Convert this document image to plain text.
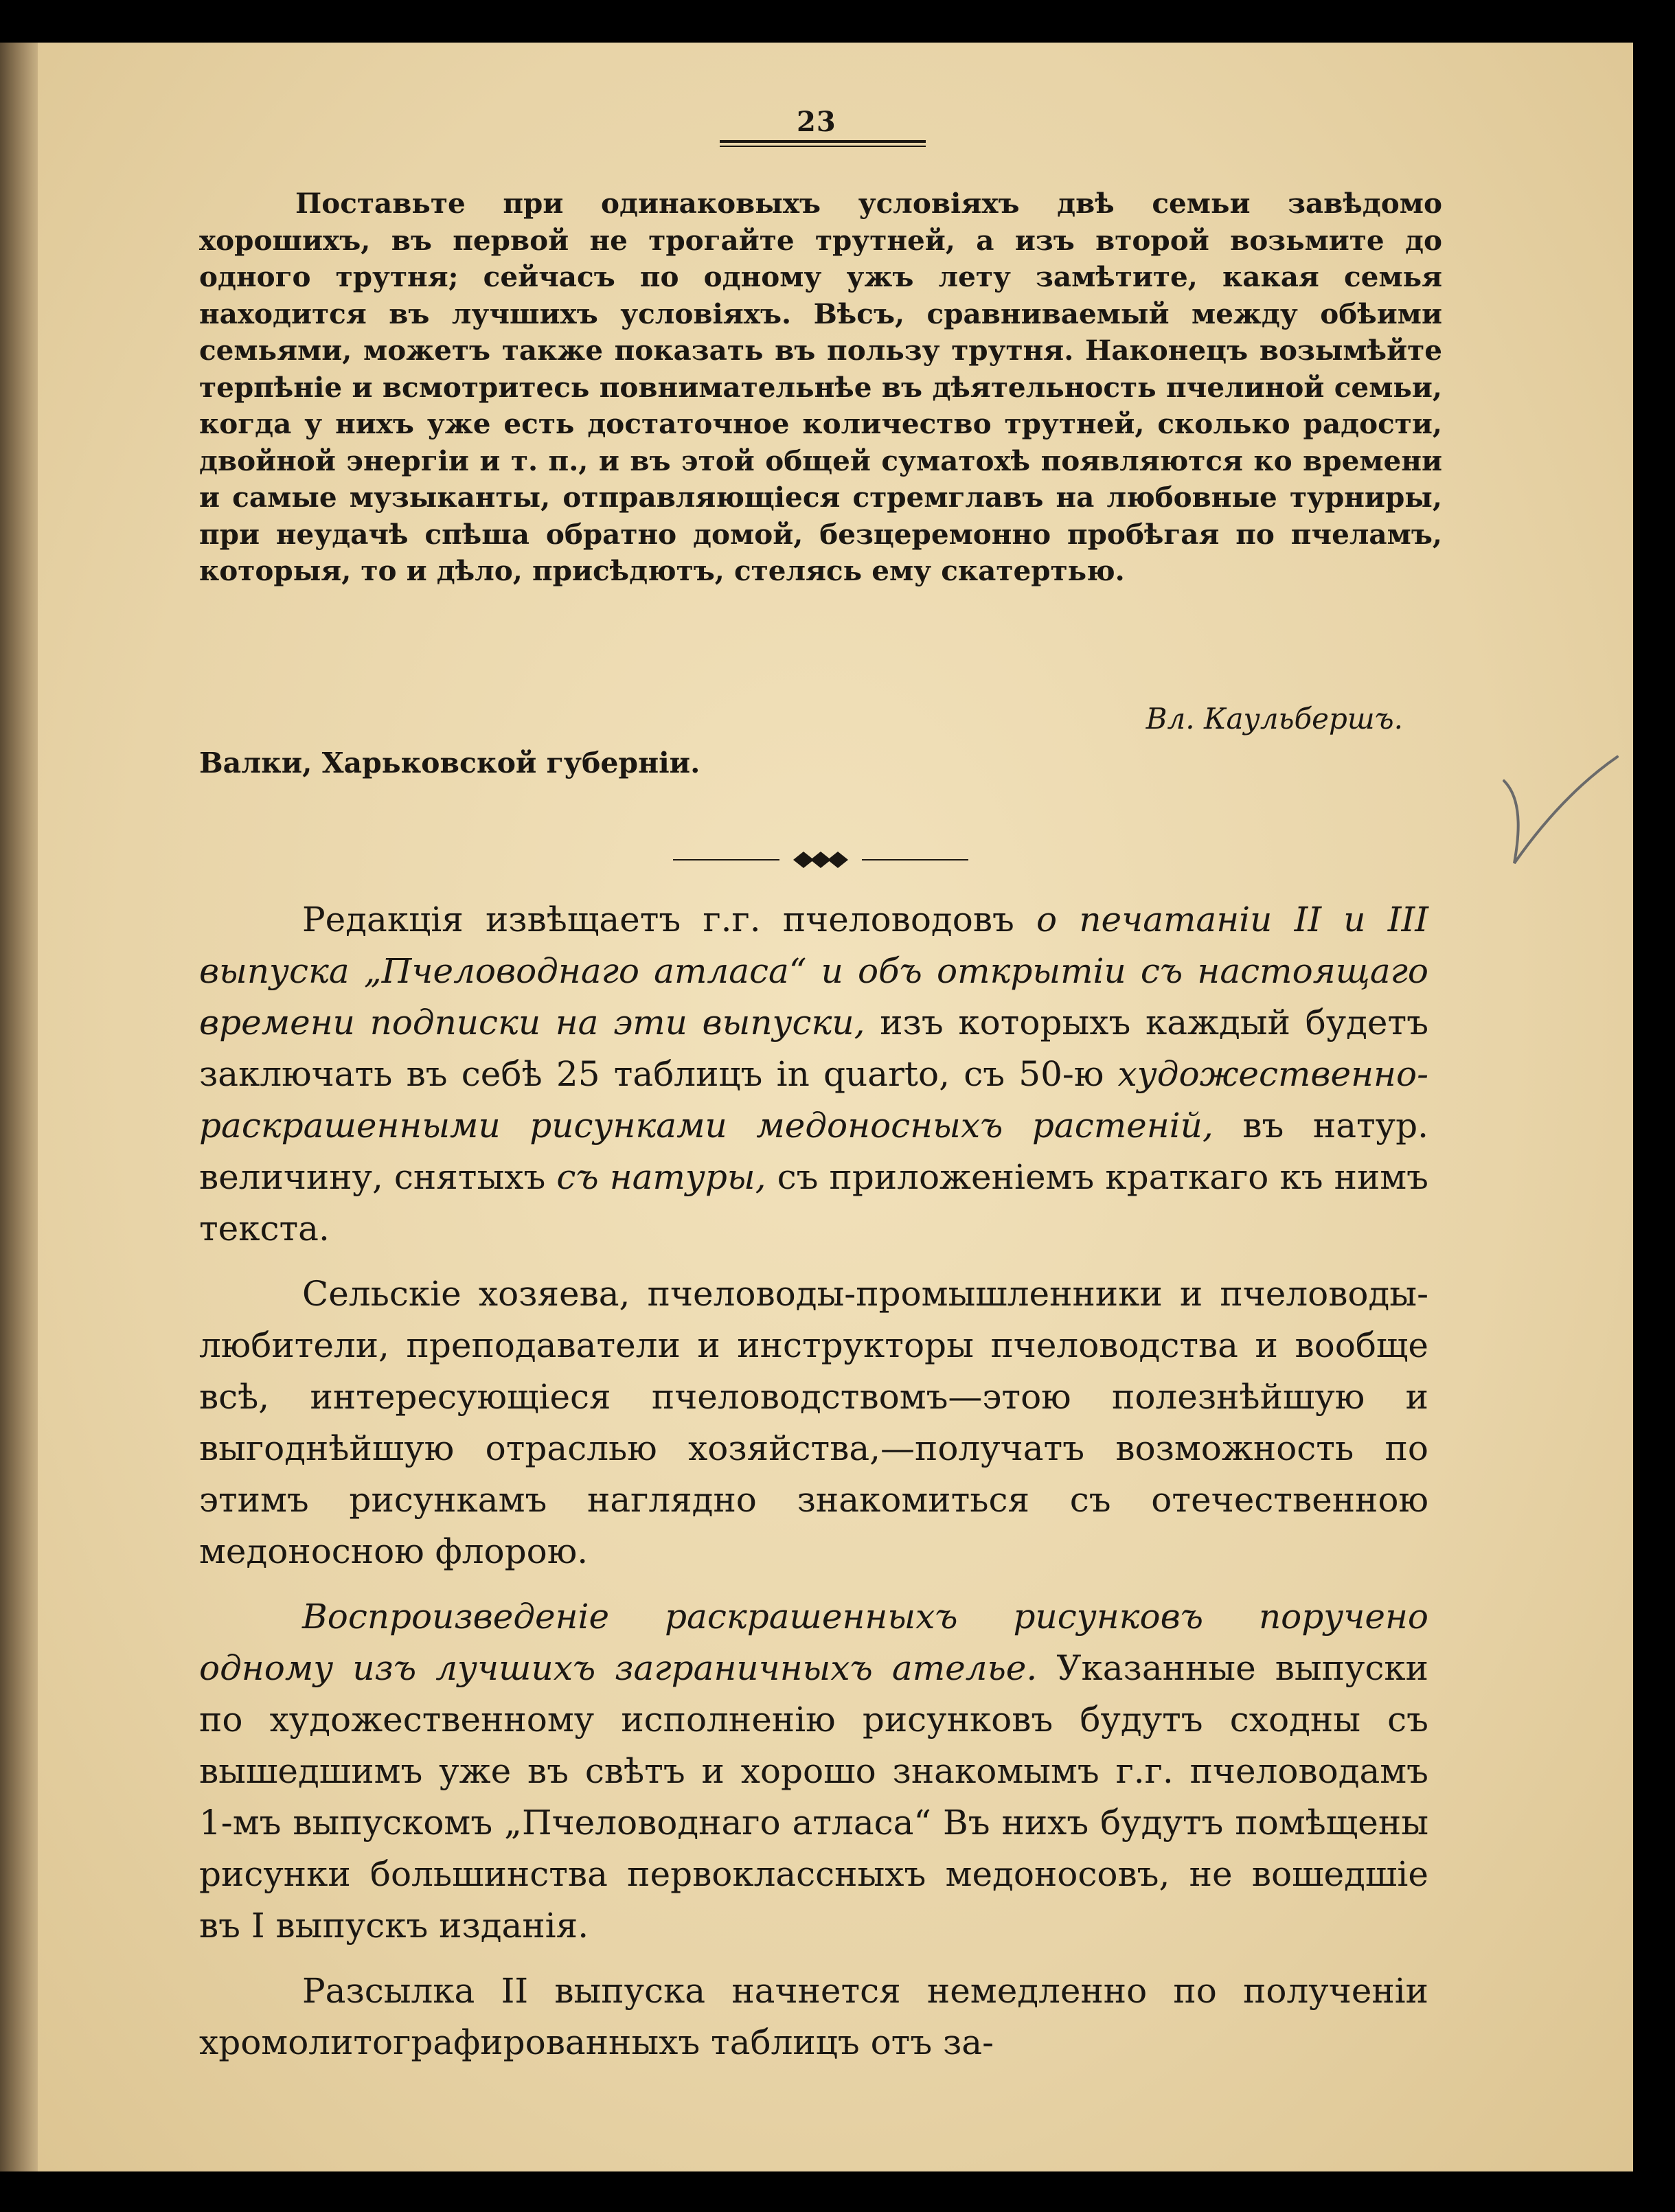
23

Поставьте при одинаковыхъ условіяхъ двѣ семьи завѣдомо хорошихъ, въ первой не трогайте трутней, а изъ второй возьмите до одного трутня; сейчасъ по одному ужъ лету замѣтите, какая семья находится въ лучшихъ условіяхъ. Вѣсъ, сравниваемый между обѣими семьями, можетъ также показать въ пользу трутня. Наконецъ возымѣйте терпѣніе и всмотритесь повнимательнѣе въ дѣятельность пчелиной семьи, когда у нихъ уже есть достаточное количество трутней, сколько радости, двойной энергіи и т. п., и въ этой общей суматохѣ появляются ко времени и самые музыканты, отправляющіеся стремглавъ на любовные турниры, при неудачѣ спѣша обратно домой, безцеремонно пробѣгая по пчеламъ, которыя, то и дѣло, присѣдютъ, стелясь ему скатертью.

Вл. Каульбершъ.
Валки, Харьковской губерніи.

Редакція извѣщаетъ г.г. пчеловодовъ о печатаніи II и III выпуска „Пчеловоднаго атласа“ и объ открытіи съ настоящаго времени подписки на эти выпуски, изъ которыхъ каждый будетъ заключать въ себѣ 25 таблицъ in quarto, съ 50-ю художественно-раскрашенными рисунками медоносныхъ растеній, въ натур. величину, снятыхъ съ натуры, съ приложеніемъ краткаго къ нимъ текста.

Сельскіе хозяева, пчеловоды-промышленники и пчеловоды-любители, преподаватели и инструкторы пчеловодства и вообще всѣ, интересующіеся пчеловодствомъ—этою полезнѣйшую и выгоднѣйшую отраслью хозяйства,—получатъ возможность по этимъ рисункамъ наглядно знакомиться съ отечественною медоносною флорою.

Воспроизведеніе раскрашенныхъ рисунковъ поручено одному изъ лучшихъ заграничныхъ ателье. Указанные выпуски по художественному исполненію рисунковъ будутъ сходны съ вышедшимъ уже въ свѣтъ и хорошо знакомымъ г.г. пчеловодамъ 1-мъ выпускомъ „Пчеловоднаго атласа“ Въ нихъ будутъ помѣщены рисунки большинства первоклассныхъ медоносовъ, не вошедшіе въ I выпускъ изданія.

Разсылка II выпуска начнется немедленно по полученіи хромолитографированныхъ таблицъ отъ за-
